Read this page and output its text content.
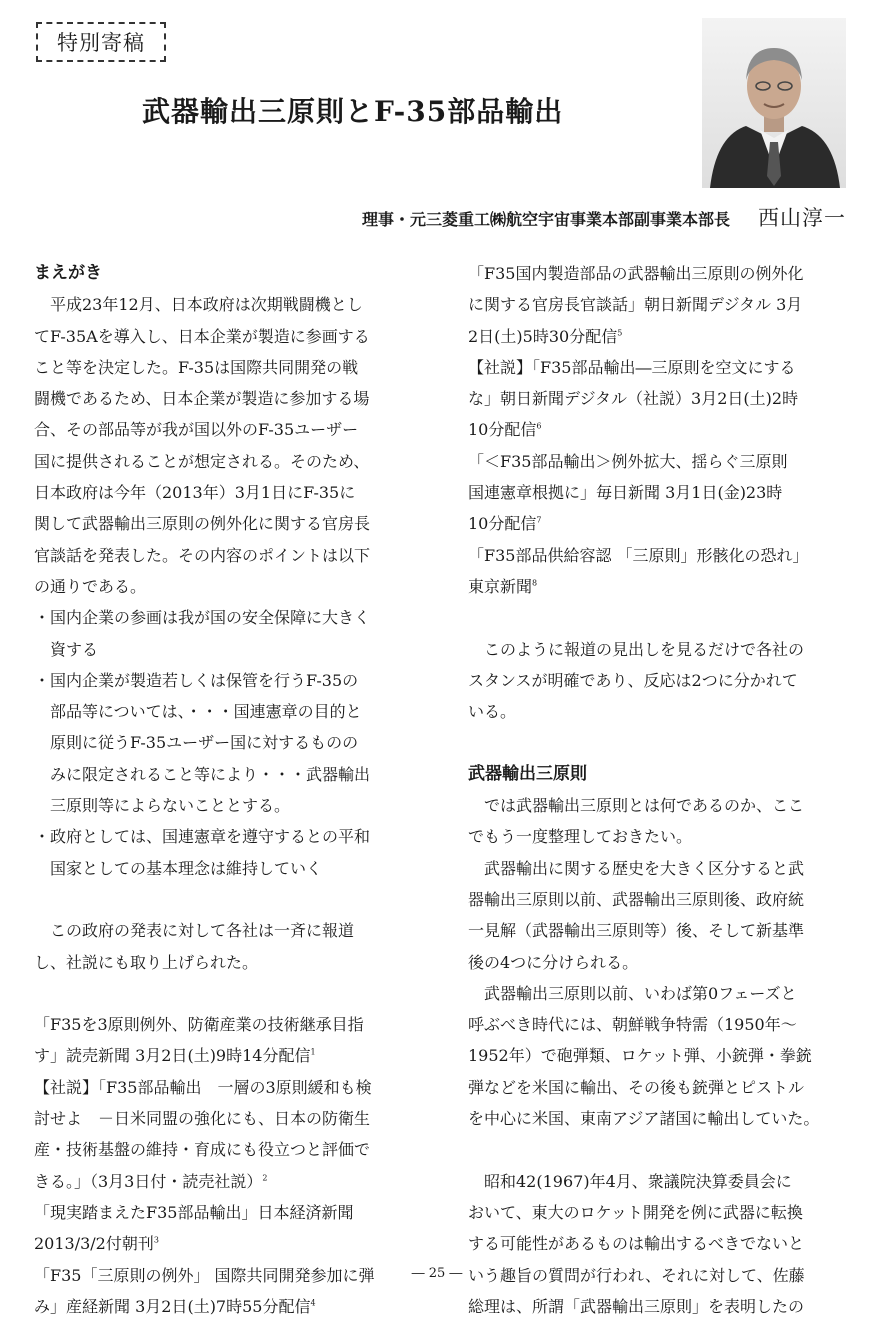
特別寄稿
武器輸出三原則とF-35部品輸出
理事・元三菱重工㈱航空宇宙事業本部副事業本部長 西山淳一
まえがき
　平成23年12月、日本政府は次期戦闘機とし
てF-35Aを導入し、日本企業が製造に参画する
こと等を決定した。F-35は国際共同開発の戦
闘機であるため、日本企業が製造に参加する場
合、その部品等が我が国以外のF-35ユーザー
国に提供されることが想定される。そのため、
日本政府は今年（2013年）3月1日にF-35に
関して武器輸出三原則の例外化に関する官房長
官談話を発表した。その内容のポイントは以下
の通りである。
・国内企業の参画は我が国の安全保障に大きく
資する
・国内企業が製造若しくは保管を行うF-35の
部品等については、・・・国連憲章の目的と
原則に従うF-35ユーザー国に対するものの
みに限定されること等により・・・武器輸出
三原則等によらないこととする。
・政府としては、国連憲章を遵守するとの平和
国家としての基本理念は維持していく
　この政府の発表に対して各社は一斉に報道
し、社説にも取り上げられた。
「F35を3原則例外、防衛産業の技術継承目指
す」読売新聞 3月2日(土)9時14分配信$^1$
【社説】「F35部品輸出　一層の3原則緩和も検
討せよ　－日米同盟の強化にも、日本の防衛生
産・技術基盤の維持・育成にも役立つと評価で
きる。」（3月3日付・読売社説）$^2$
「現実踏まえたF35部品輸出」日本経済新聞
2013/3/2付朝刊$^3$
「F35「三原則の例外」 国際共同開発参加に弾
み」産経新聞 3月2日(土)7時55分配信$^4$
「F35国内製造部品の武器輸出三原則の例外化
に関する官房長官談話」朝日新聞デジタル 3月
2日(土)5時30分配信$^5$
【社説】「F35部品輸出―三原則を空文にする
な」朝日新聞デジタル（社説）3月2日(土)2時
10分配信$^6$
「＜F35部品輸出＞例外拡大、揺らぐ三原則
国連憲章根拠に」毎日新聞 3月1日(金)23時
10分配信$^7$
「F35部品供給容認 「三原則」形骸化の恐れ」
東京新聞$^8$
　このように報道の見出しを見るだけで各社の
スタンスが明確であり、反応は2つに分かれて
いる。
武器輸出三原則
　では武器輸出三原則とは何であるのか、ここ
でもう一度整理しておきたい。
　武器輸出に関する歴史を大きく区分すると武
器輸出三原則以前、武器輸出三原則後、政府統
一見解（武器輸出三原則等）後、そして新基準
後の4つに分けられる。
　武器輸出三原則以前、いわば第0フェーズと
呼ぶべき時代には、朝鮮戦争特需（1950年～
1952年）で砲弾類、ロケット弾、小銃弾・拳銃
弾などを米国に輸出、その後も銃弾とピストル
を中心に米国、東南アジア諸国に輸出していた。
　昭和42(1967)年4月、衆議院決算委員会に
おいて、東大のロケット開発を例に武器に転換
する可能性があるものは輸出するべきでないと
いう趣旨の質問が行われ、それに対して、佐藤
総理は、所謂「武器輸出三原則」を表明したの
― 25 ―
